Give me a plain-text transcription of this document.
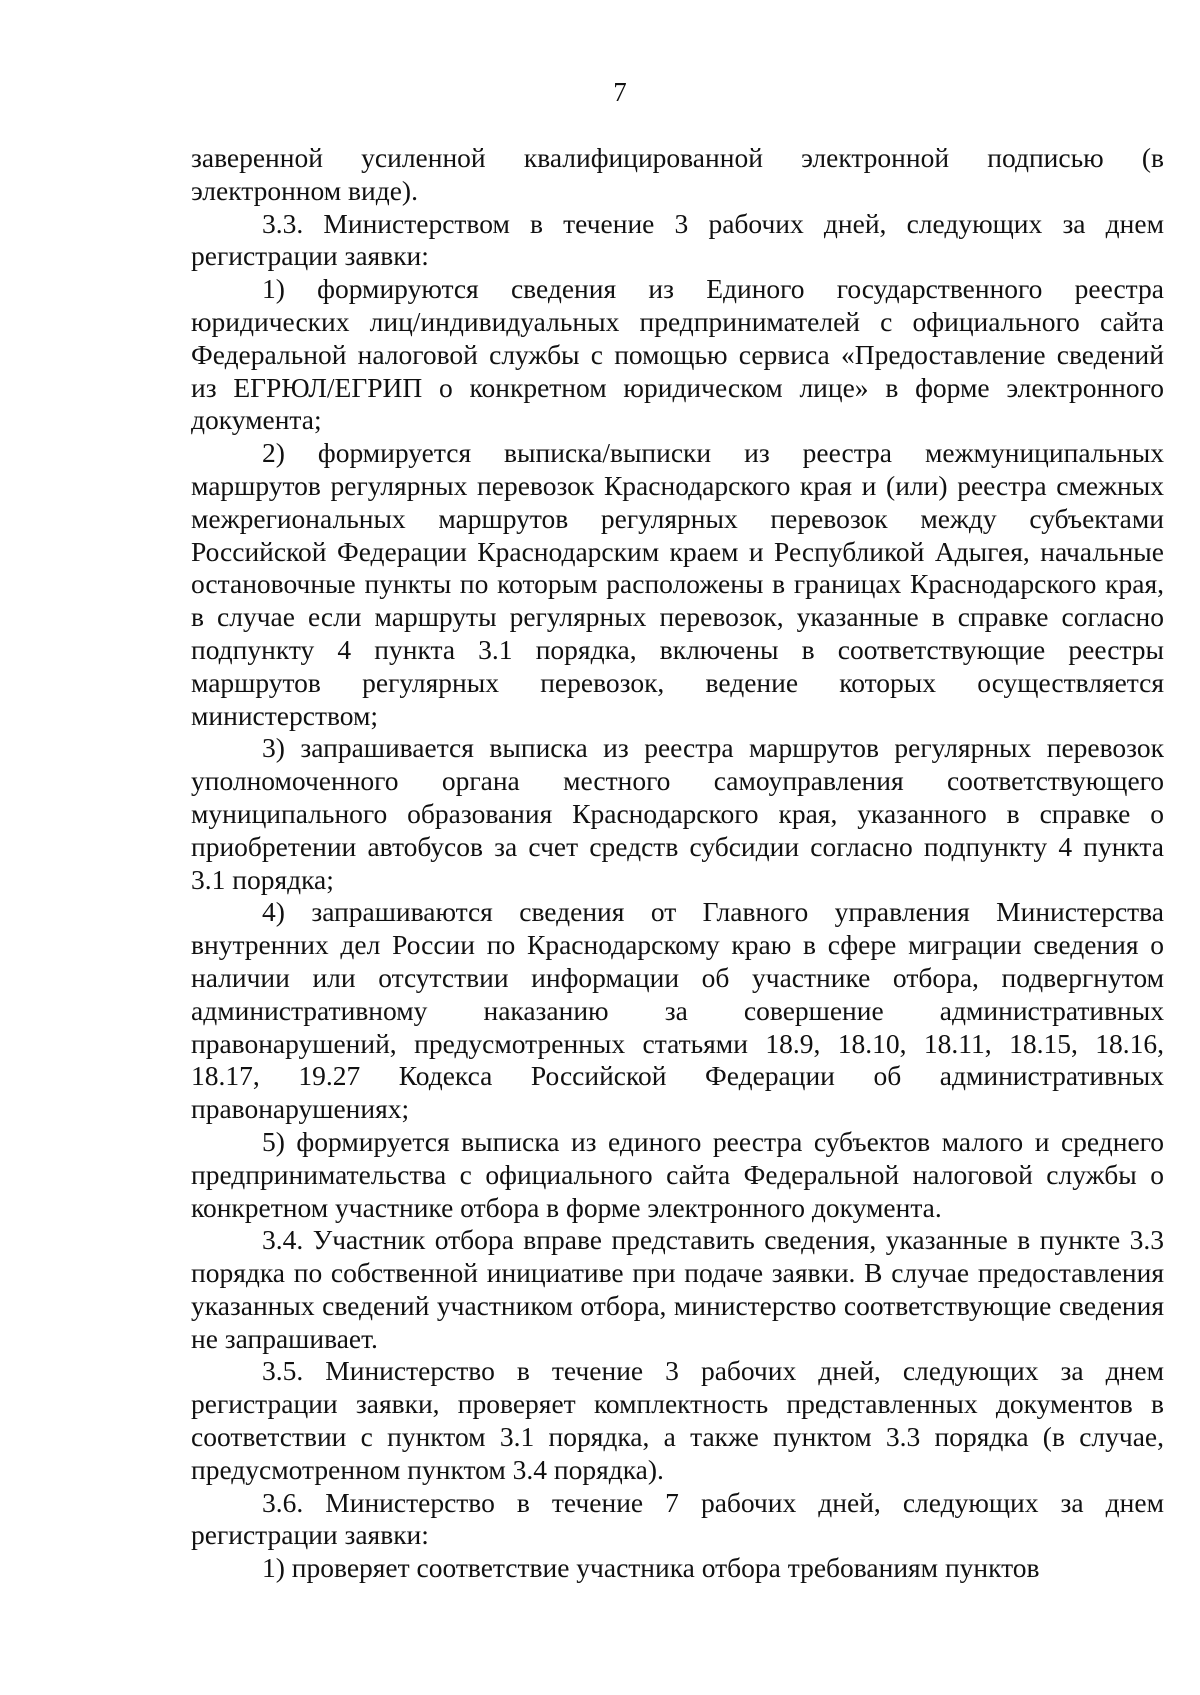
7

заверенной усиленной квалифицированной электронной подписью (в электронном виде).

3.3. Министерством в течение 3 рабочих дней, следующих за днем регистрации заявки:

1) формируются сведения из Единого государственного реестра юридических лиц/индивидуальных предпринимателей с официального сайта Федеральной налоговой службы с помощью сервиса «Предоставление сведений из ЕГРЮЛ/ЕГРИП о конкретном юридическом лице» в форме электронного документа;

2) формируется выписка/выписки из реестра межмуниципальных маршрутов регулярных перевозок Краснодарского края и (или) реестра смежных межрегиональных маршрутов регулярных перевозок между субъектами Российской Федерации Краснодарским краем и Республикой Адыгея, начальные остановочные пункты по которым расположены в границах Краснодарского края, в случае если маршруты регулярных перевозок, указанные в справке согласно подпункту 4 пункта 3.1 порядка, включены в соответствующие реестры маршрутов регулярных перевозок, ведение которых осуществляется министерством;

3) запрашивается выписка из реестра маршрутов регулярных перевозок уполномоченного органа местного самоуправления соответствующего муниципального образования Краснодарского края, указанного в справке о приобретении автобусов за счет средств субсидии согласно подпункту 4 пункта 3.1 порядка;

4) запрашиваются сведения от Главного управления Министерства внутренних дел России по Краснодарскому краю в сфере миграции сведения о наличии или отсутствии информации об участнике отбора, подвергнутом административному наказанию за совершение административных правонарушений, предусмотренных статьями 18.9, 18.10, 18.11, 18.15, 18.16, 18.17, 19.27 Кодекса Российской Федерации об административных правонарушениях;

5) формируется выписка из единого реестра субъектов малого и среднего предпринимательства с официального сайта Федеральной налоговой службы о конкретном участнике отбора в форме электронного документа.

3.4. Участник отбора вправе представить сведения, указанные в пункте 3.3 порядка по собственной инициативе при подаче заявки. В случае предоставления указанных сведений участником отбора, министерство соответствующие сведения не запрашивает.

3.5. Министерство в течение 3 рабочих дней, следующих за днем регистрации заявки, проверяет комплектность представленных документов в соответствии с пунктом 3.1 порядка, а также пунктом 3.3 порядка (в случае, предусмотренном пунктом 3.4 порядка).

3.6. Министерство в течение 7 рабочих дней, следующих за днем регистрации заявки:

1) проверяет соответствие участника отбора требованиям пунктов
